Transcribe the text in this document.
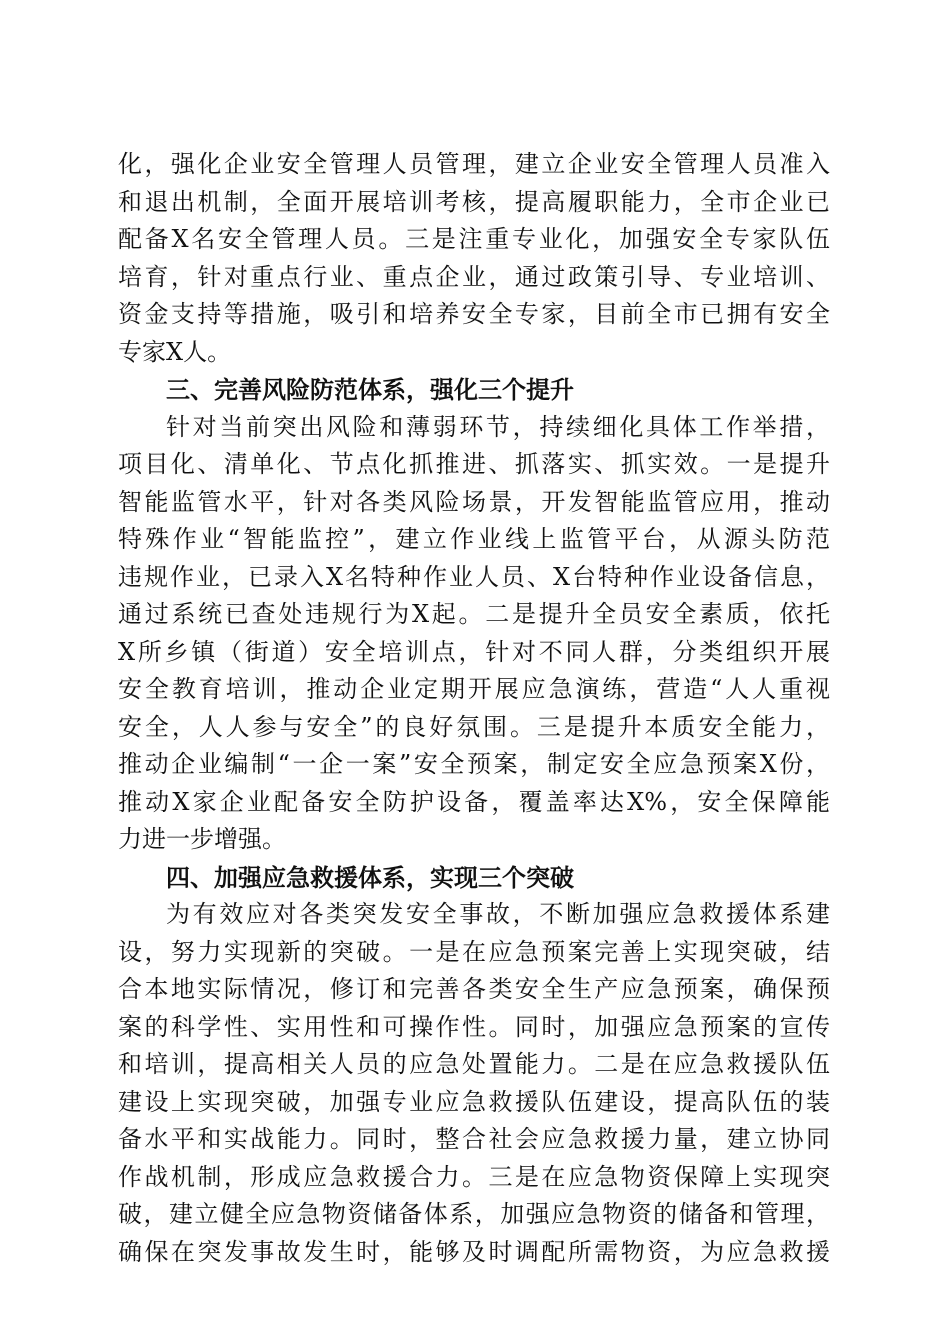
化，强化企业安全管理人员管理，建立企业安全管理人员准入
和退出机制，全面开展培训考核，提高履职能力，全市企业已
配备X名安全管理人员。三是注重专业化，加强安全专家队伍
培育，针对重点行业、重点企业，通过政策引导、专业培训、
资金支持等措施，吸引和培养安全专家，目前全市已拥有安全
专家X人。
三、完善风险防范体系，强化三个提升
针对当前突出风险和薄弱环节，持续细化具体工作举措，
项目化、清单化、节点化抓推进、抓落实、抓实效。一是提升
智能监管水平，针对各类风险场景，开发智能监管应用，推动
特殊作业“智能监控”，建立作业线上监管平台，从源头防范
违规作业，已录入X名特种作业人员、X台特种作业设备信息，
通过系统已查处违规行为X起。二是提升全员安全素质，依托
X所乡镇（街道）安全培训点，针对不同人群，分类组织开展
安全教育培训，推动企业定期开展应急演练，营造“人人重视
安全，人人参与安全”的良好氛围。三是提升本质安全能力，
推动企业编制“一企一案”安全预案，制定安全应急预案X份，
推动X家企业配备安全防护设备，覆盖率达X%，安全保障能
力进一步增强。
四、加强应急救援体系，实现三个突破
为有效应对各类突发安全事故，不断加强应急救援体系建
设，努力实现新的突破。一是在应急预案完善上实现突破，结
合本地实际情况，修订和完善各类安全生产应急预案，确保预
案的科学性、实用性和可操作性。同时，加强应急预案的宣传
和培训，提高相关人员的应急处置能力。二是在应急救援队伍
建设上实现突破，加强专业应急救援队伍建设，提高队伍的装
备水平和实战能力。同时，整合社会应急救援力量，建立协同
作战机制，形成应急救援合力。三是在应急物资保障上实现突
破，建立健全应急物资储备体系，加强应急物资的储备和管理，
确保在突发事故发生时，能够及时调配所需物资，为应急救援
